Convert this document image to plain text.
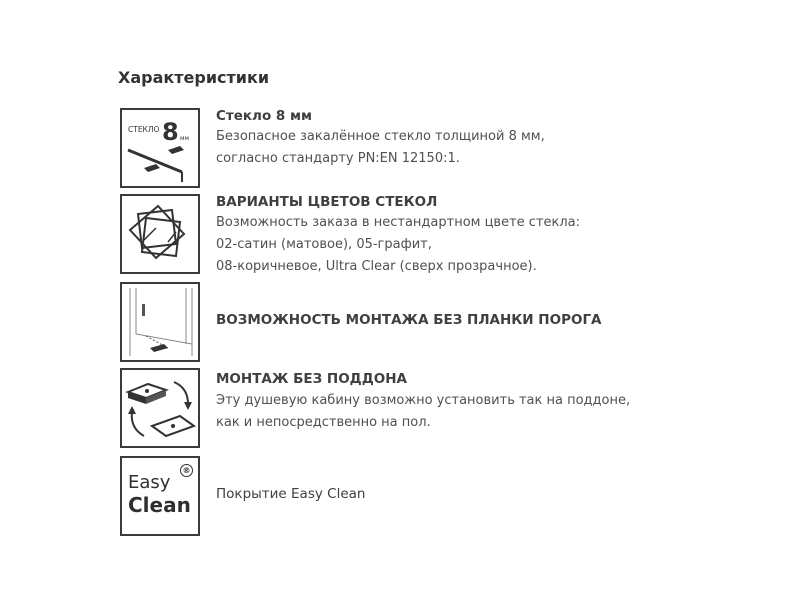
Характеристики
СТЕКЛО 8 мм
Стекло 8 мм
Безопасное закалённое стекло толщиной 8 мм,
согласно стандарту PN:EN 12150:1.
ВАРИАНТЫ ЦВЕТОВ СТЕКОЛ
Возможность заказа в нестандартном цвете стекла:
02-сатин (матовое), 05-графит,
08-коричневое, Ultra Clear (сверх прозрачное).
ВОЗМОЖНОСТЬ МОНТАЖА БЕЗ ПЛАНКИ ПОРОГА
МОНТАЖ БЕЗ ПОДДОНА
Эту душевую кабину возможно установить так на поддоне,
как и непосредственно на пол.
Easy
Clean
®
Покрытие Easy Clean
